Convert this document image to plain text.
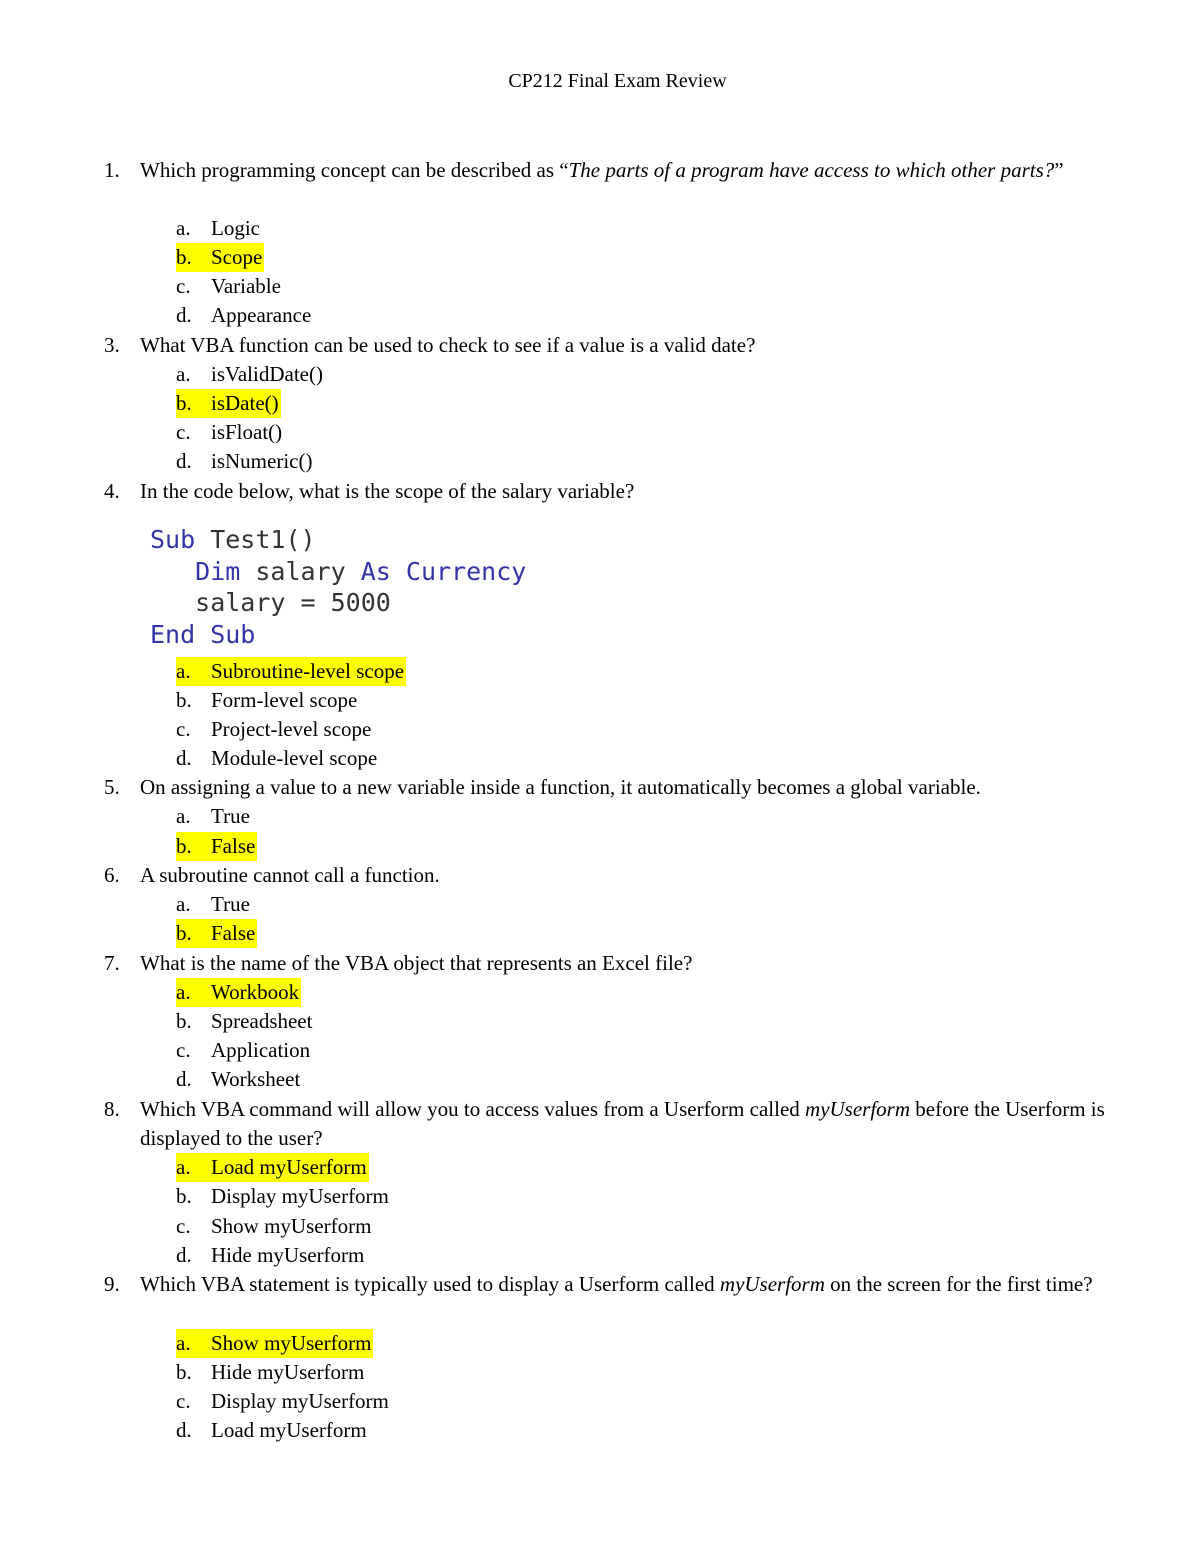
CP212 Final Exam Review
1. Which programming concept can be described as “The parts of a program have access to which other parts?”
a. Logic
b. Scope
c. Variable
d. Appearance
3. What VBA function can be used to check to see if a value is a valid date?
a. isValidDate()
b. isDate()
c. isFloat()
d. isNumeric()
4. In the code below, what is the scope of the salary variable?
Sub Test1()
Dim salary As Currency
salary = 5000
End Sub
a. Subroutine-level scope
b. Form-level scope
c. Project-level scope
d. Module-level scope
5. On assigning a value to a new variable inside a function, it automatically becomes a global variable.
a. True
b. False
6. A subroutine cannot call a function.
a. True
b. False
7. What is the name of the VBA object that represents an Excel file?
a. Workbook
b. Spreadsheet
c. Application
d. Worksheet
8. Which VBA command will allow you to access values from a Userform called myUserform before the Userform is displayed to the user?
a. Load myUserform
b. Display myUserform
c. Show myUserform
d. Hide myUserform
9. Which VBA statement is typically used to display a Userform called myUserform on the screen for the first time?
a. Show myUserform
b. Hide myUserform
c. Display myUserform
d. Load myUserform
